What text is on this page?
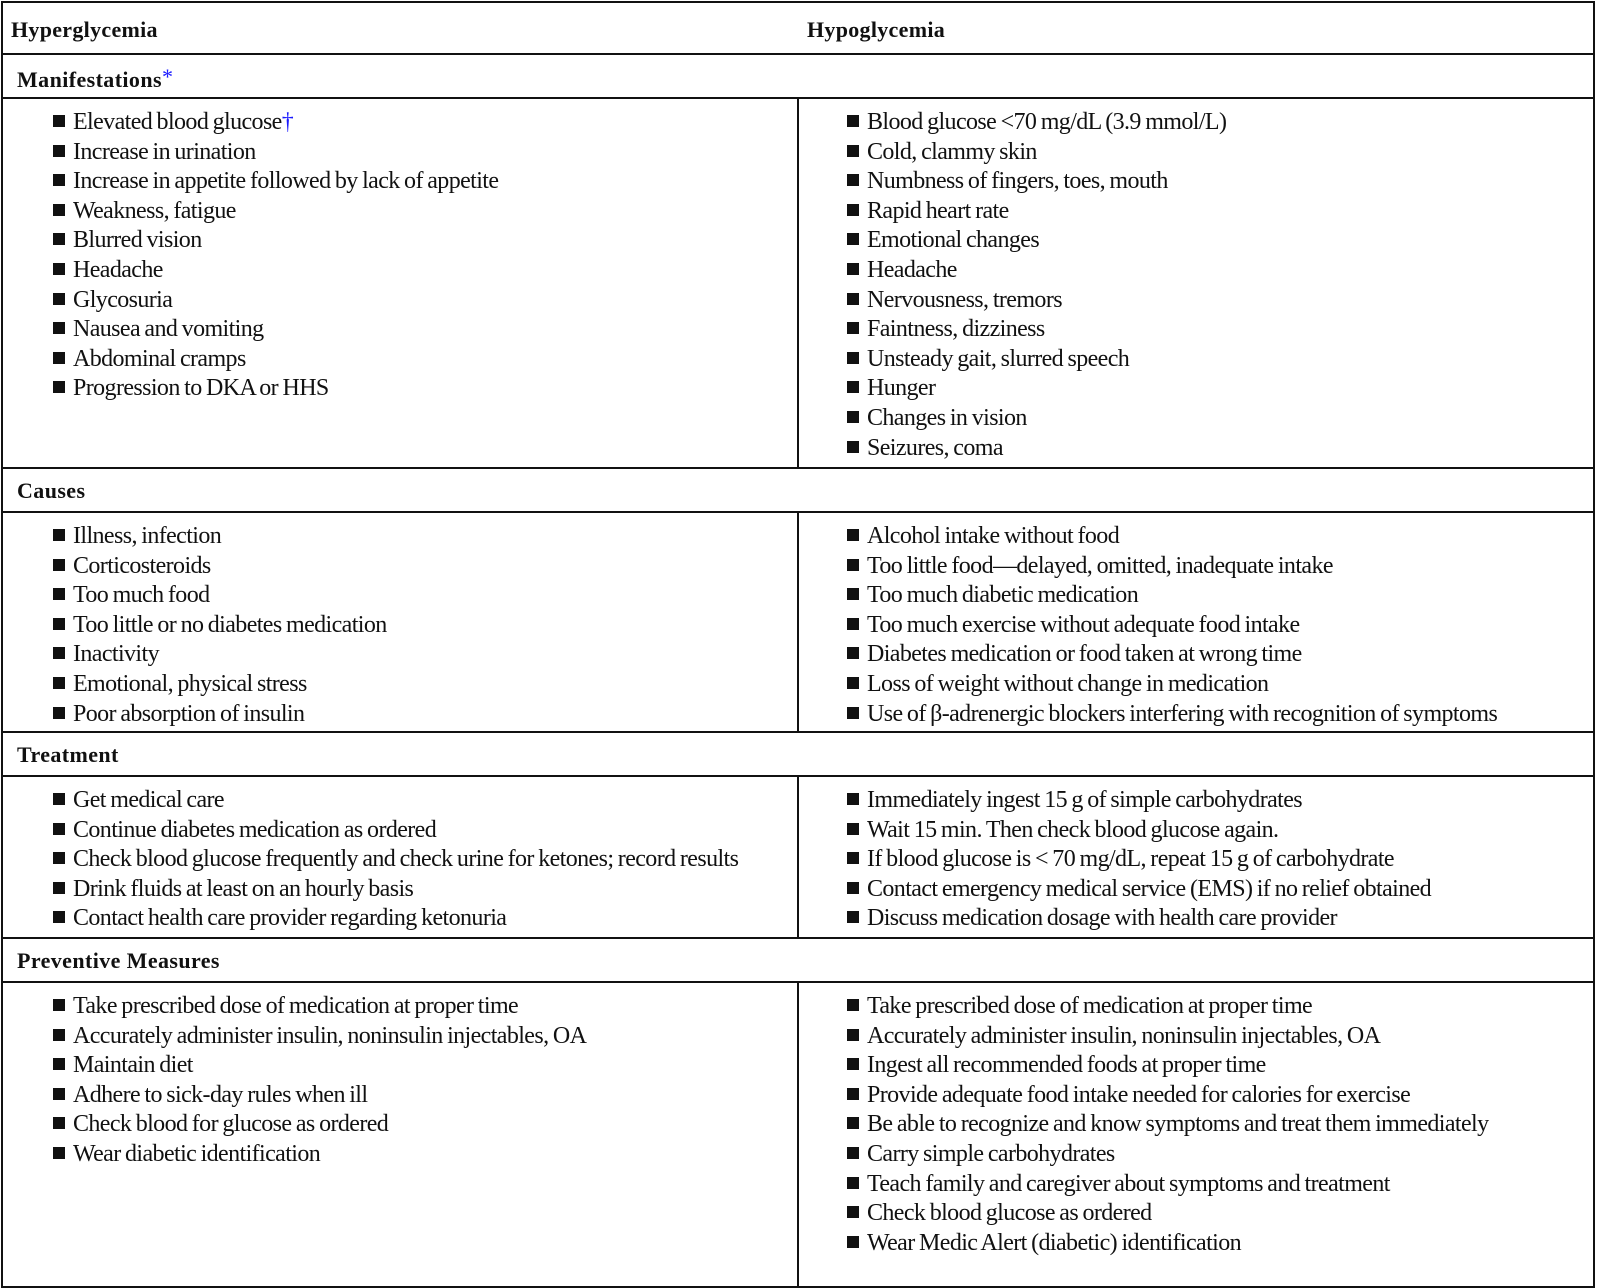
Hyperglycemia	Hypoglycemia
Manifestations*
Elevated blood glucose†
Increase in urination
Increase in appetite followed by lack of appetite
Weakness, fatigue
Blurred vision
Headache
Glycosuria
Nausea and vomiting
Abdominal cramps
Progression to DKA or HHS
Blood glucose <70 mg/dL (3.9 mmol/L)
Cold, clammy skin
Numbness of fingers, toes, mouth
Rapid heart rate
Emotional changes
Headache
Nervousness, tremors
Faintness, dizziness
Unsteady gait, slurred speech
Hunger
Changes in vision
Seizures, coma
Causes
Illness, infection
Corticosteroids
Too much food
Too little or no diabetes medication
Inactivity
Emotional, physical stress
Poor absorption of insulin
Alcohol intake without food
Too little food—delayed, omitted, inadequate intake
Too much diabetic medication
Too much exercise without adequate food intake
Diabetes medication or food taken at wrong time
Loss of weight without change in medication
Use of β-adrenergic blockers interfering with recognition of symptoms
Treatment
Get medical care
Continue diabetes medication as ordered
Check blood glucose frequently and check urine for ketones; record results
Drink fluids at least on an hourly basis
Contact health care provider regarding ketonuria
Immediately ingest 15 g of simple carbohydrates
Wait 15 min. Then check blood glucose again.
If blood glucose is < 70 mg/dL, repeat 15 g of carbohydrate
Contact emergency medical service (EMS) if no relief obtained
Discuss medication dosage with health care provider
Preventive Measures
Take prescribed dose of medication at proper time
Accurately administer insulin, noninsulin injectables, OA
Maintain diet
Adhere to sick-day rules when ill
Check blood for glucose as ordered
Wear diabetic identification
Take prescribed dose of medication at proper time
Accurately administer insulin, noninsulin injectables, OA
Ingest all recommended foods at proper time
Provide adequate food intake needed for calories for exercise
Be able to recognize and know symptoms and treat them immediately
Carry simple carbohydrates
Teach family and caregiver about symptoms and treatment
Check blood glucose as ordered
Wear Medic Alert (diabetic) identification
